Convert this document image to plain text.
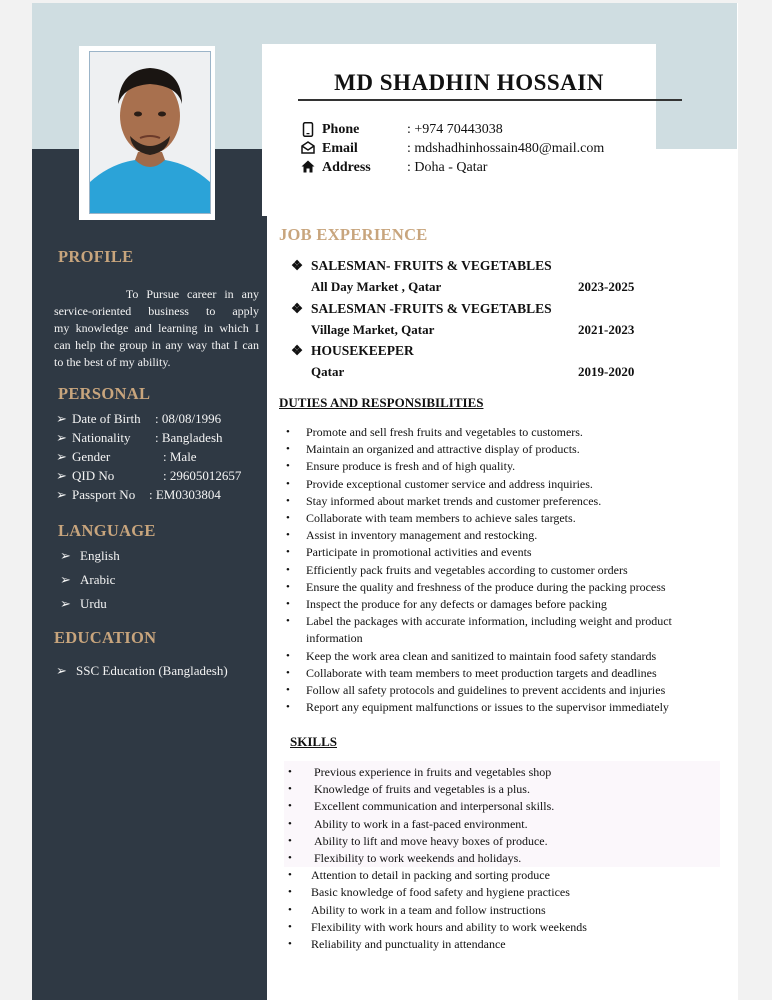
MD SHADHIN HOSSAIN
Phone	: +974 70443038
Email	: mdshadhinhossain480@mail.com
Address	: Doha - Qatar
PROFILE
To Pursue career in any
service-oriented business to apply
my knowledge and learning in which I
can help the group in any way that I can
to the best of my ability.
PERSONAL
➢ Date of Birth : 08/08/1996
➢ Nationality : Bangladesh
➢ Gender	: Male
➢ QID No	: 29605012657
➢ Passport No : EM0303804
LANGUAGE
➢ English
➢ Arabic
➢ Urdu
EDUCATION
➢ SSC Education (Bangladesh)
JOB EXPERIENCE
❖ SALESMAN- FRUITS & VEGETABLES
All Day Market , Qatar	2023-2025
❖ SALESMAN -FRUITS & VEGETABLES
Village Market, Qatar	2021-2023
❖ HOUSEKEEPER
Qatar	2019-2020
DUTIES AND RESPONSIBILITIES
• Promote and sell fresh fruits and vegetables to customers.
• Maintain an organized and attractive display of products.
• Ensure produce is fresh and of high quality.
• Provide exceptional customer service and address inquiries.
• Stay informed about market trends and customer preferences.
• Collaborate with team members to achieve sales targets.
• Assist in inventory management and restocking.
• Participate in promotional activities and events
• Efficiently pack fruits and vegetables according to customer orders
• Ensure the quality and freshness of the produce during the packing process
• Inspect the produce for any defects or damages before packing
• Label the packages with accurate information, including weight and product information
• Keep the work area clean and sanitized to maintain food safety standards
• Collaborate with team members to meet production targets and deadlines
• Follow all safety protocols and guidelines to prevent accidents and injuries
• Report any equipment malfunctions or issues to the supervisor immediately
SKILLS
• Previous experience in fruits and vegetables shop
• Knowledge of fruits and vegetables is a plus.
• Excellent communication and interpersonal skills.
• Ability to work in a fast-paced environment.
• Ability to lift and move heavy boxes of produce.
• Flexibility to work weekends and holidays.
• Attention to detail in packing and sorting produce
• Basic knowledge of food safety and hygiene practices
• Ability to work in a team and follow instructions
• Flexibility with work hours and ability to work weekends
• Reliability and punctuality in attendance
